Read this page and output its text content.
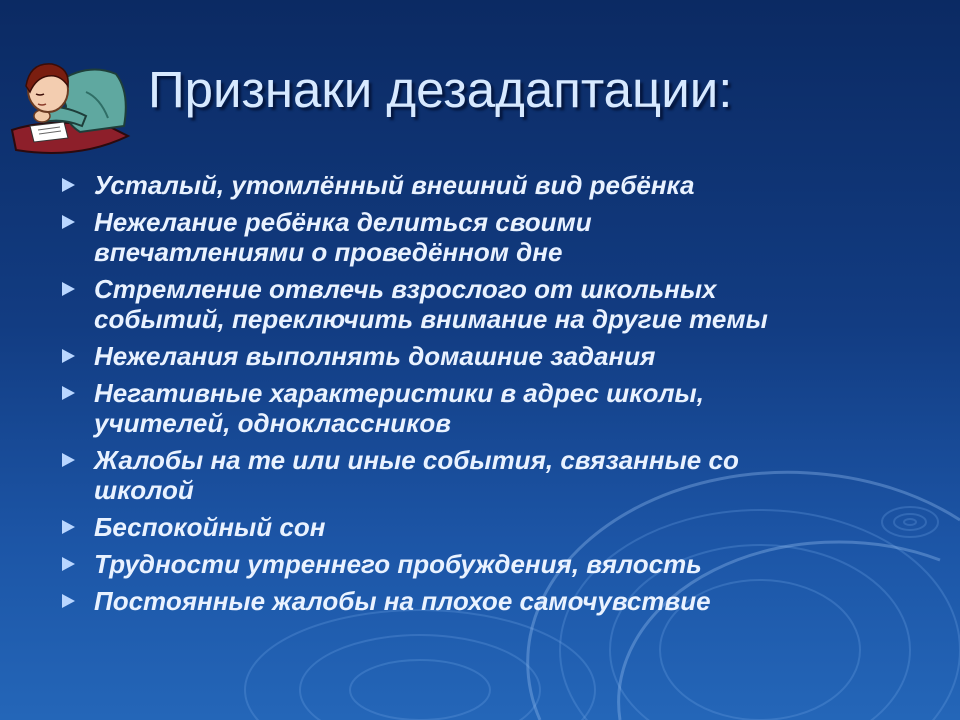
Признаки дезадаптации:
Усталый, утомлённый внешний вид ребёнка
Нежелание ребёнка делиться своими
впечатлениями о проведённом дне
Стремление отвлечь взрослого от школьных
событий, переключить внимание на другие темы
Нежелания выполнять домашние задания
Негативные характеристики в адрес школы,
учителей, одноклассников
Жалобы на те или иные события, связанные со
школой
Беспокойный сон
Трудности утреннего пробуждения, вялость
Постоянные жалобы на плохое самочувствие
